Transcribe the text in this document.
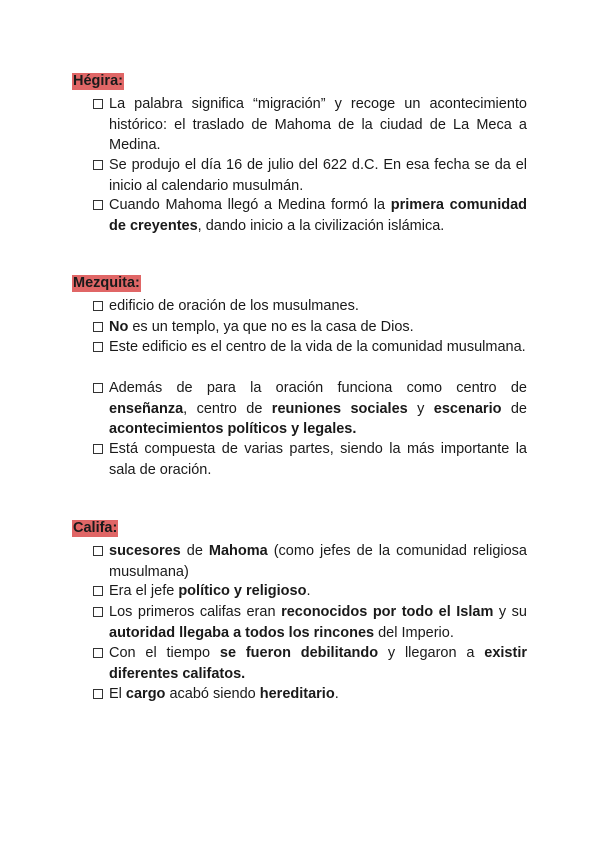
Hégira:
La palabra significa “migración” y recoge un acontecimiento histórico: el traslado de Mahoma de la ciudad de La Meca a Medina.
Se produjo el día 16 de julio del 622 d.C. En esa fecha se da el inicio al calendario musulmán.
Cuando Mahoma llegó a Medina formó la primera comunidad de creyentes, dando inicio a la civilización islámica.
Mezquita:
edificio de oración de los musulmanes.
No es un templo, ya que no es la casa de Dios.
Este edificio es el centro de la vida de la comunidad musulmana.
Además de para la oración funciona como centro de enseñanza, centro de reuniones sociales y escenario de acontecimientos políticos y legales.
Está compuesta de varias partes, siendo la más importante la sala de oración.
Califa:
sucesores de Mahoma (como jefes de la comunidad religiosa musulmana)
Era el jefe político y religioso.
Los primeros califas eran reconocidos por todo el Islam y su autoridad llegaba a todos los rincones del Imperio.
Con el tiempo se fueron debilitando y llegaron a existir diferentes califatos.
El cargo acabó siendo hereditario.
